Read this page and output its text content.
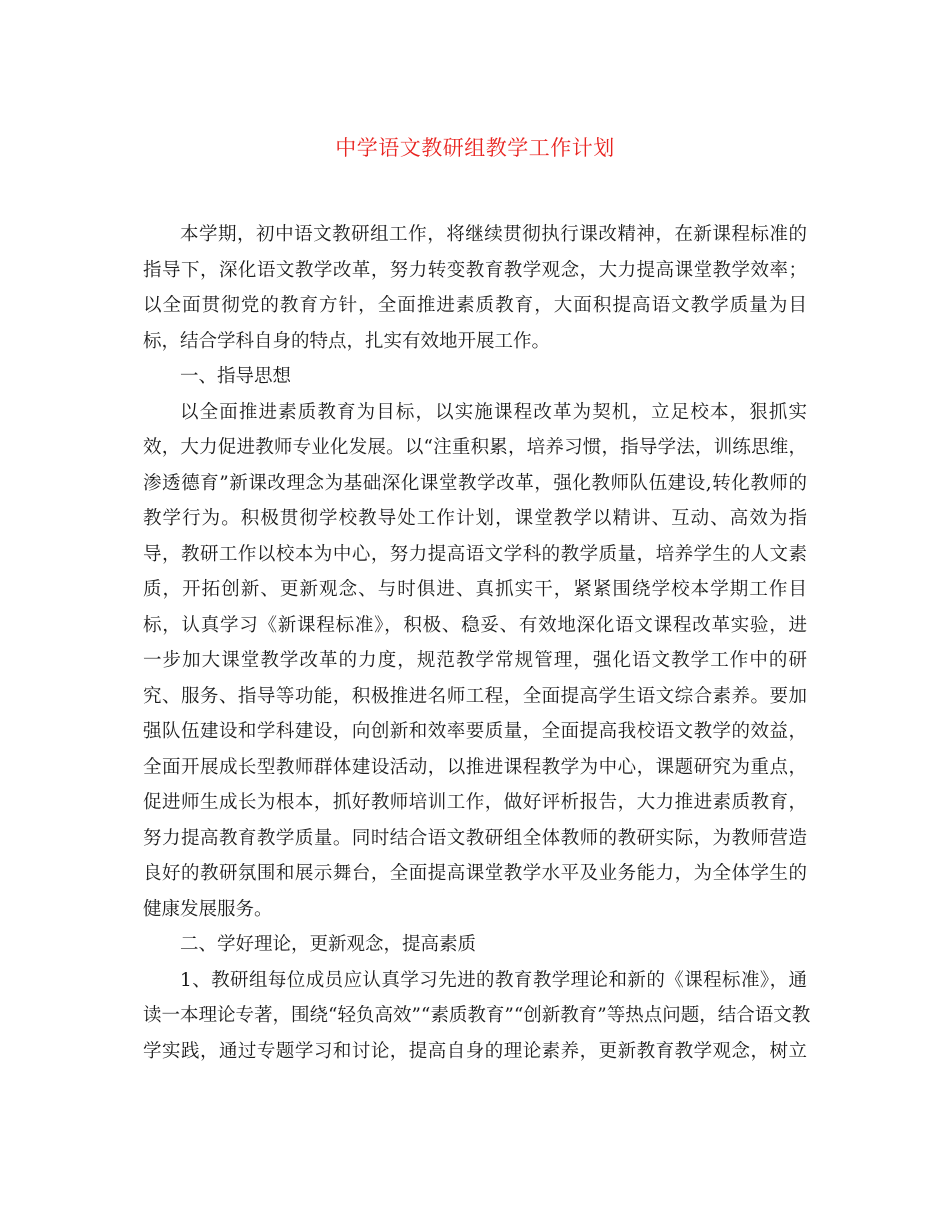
中学语文教研组教学工作计划
本学期，初中语文教研组工作，将继续贯彻执行课改精神，在新课程标准的
指导下，深化语文教学改革，努力转变教育教学观念，大力提高课堂教学效率；
以全面贯彻党的教育方针，全面推进素质教育，大面积提高语文教学质量为目
标，结合学科自身的特点，扎实有效地开展工作。
一、指导思想
以全面推进素质教育为目标，以实施课程改革为契机，立足校本，狠抓实
效，大力促进教师专业化发展。以“注重积累，培养习惯，指导学法，训练思维，
渗透德育”新课改理念为基础深化课堂教学改革，强化教师队伍建设,转化教师的
教学行为。积极贯彻学校教导处工作计划，课堂教学以精讲、互动、高效为指
导，教研工作以校本为中心，努力提高语文学科的教学质量，培养学生的人文素
质，开拓创新、更新观念、与时俱进、真抓实干，紧紧围绕学校本学期工作目
标，认真学习《新课程标准》，积极、稳妥、有效地深化语文课程改革实验，进
一步加大课堂教学改革的力度，规范教学常规管理，强化语文教学工作中的研
究、服务、指导等功能，积极推进名师工程，全面提高学生语文综合素养。要加
强队伍建设和学科建设，向创新和效率要质量，全面提高我校语文教学的效益，
全面开展成长型教师群体建设活动，以推进课程教学为中心，课题研究为重点，
促进师生成长为根本，抓好教师培训工作，做好评析报告，大力推进素质教育，
努力提高教育教学质量。同时结合语文教研组全体教师的教研实际，为教师营造
良好的教研氛围和展示舞台，全面提高课堂教学水平及业务能力，为全体学生的
健康发展服务。
二、学好理论，更新观念，提高素质
1、教研组每位成员应认真学习先进的教育教学理论和新的《课程标准》，通
读一本理论专著，围绕“轻负高效”“素质教育”“创新教育”等热点问题，结合语文教
学实践，通过专题学习和讨论，提高自身的理论素养，更新教育教学观念，树立
